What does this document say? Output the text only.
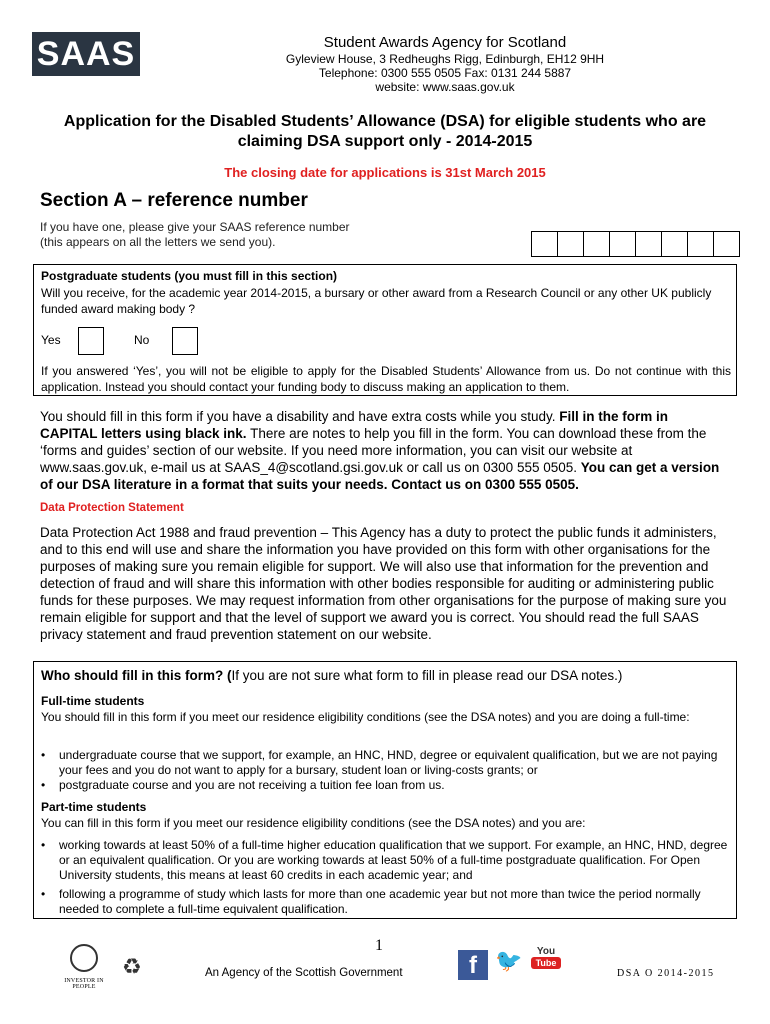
SAAS	Student Awards Agency for Scotland
Gyleview House, 3 Redheughs Rigg, Edinburgh, EH12 9HH
Telephone: 0300 555 0505 Fax: 0131 244 5887
website: www.saas.gov.uk
Application for the Disabled Students’ Allowance (DSA) for eligible students who are
claiming DSA support only - 2014-2015
The closing date for applications is 31st March 2015
Section A – reference number
If you have one, please give your SAAS reference number
(this appears on all the letters we send you).
Postgraduate students (you must fill in this section)
Will you receive, for the academic year 2014-2015, a bursary or other award from a Research Council or any other UK publicly funded award making body ?
Yes	No
If you answered ‘Yes’, you will not be eligible to apply for the Disabled Students’ Allowance from us. Do not continue with this application. Instead you should contact your funding body to discuss making an application to them.
You should fill in this form if you have a disability and have extra costs while you study. Fill in the form in CAPITAL letters using black ink. There are notes to help you fill in the form. You can download these from the ‘forms and guides’ section of our website. If you need more information, you can visit our website at www.saas.gov.uk, e-mail us at SAAS_4@scotland.gsi.gov.uk or call us on 0300 555 0505. You can get a version of our DSA literature in a format that suits your needs. Contact us on 0300 555 0505.
Data Protection Statement
Data Protection Act 1988 and fraud prevention – This Agency has a duty to protect the public funds it administers, and to this end will use and share the information you have provided on this form with other organisations for the purposes of making sure you remain eligible for support. We will also use that information for the prevention and detection of fraud and will share this information with other bodies responsible for auditing or administering public funds for these purposes. We may request information from other organisations for the purpose of making sure you remain eligible for support and that the level of support we award you is correct. You should read the full SAAS privacy statement and fraud prevention statement on our website.
Who should fill in this form? (If you are not sure what form to fill in please read our DSA notes.)
Full-time students
You should fill in this form if you meet our residence eligibility conditions (see the DSA notes) and you are doing a full-time:
•	undergraduate course that we support, for example, an HNC, HND, degree or equivalent qualification, but we are not paying your fees and you do not want to apply for a bursary, student loan or living-costs grants; or
•	postgraduate course and you are not receiving a tuition fee loan from us.
Part-time students
You can fill in this form if you meet our residence eligibility conditions (see the DSA notes) and you are:
•	working towards at least 50% of a full-time higher education qualification that we support. For example, an HNC, HND, degree or an equivalent qualification. Or you are working towards at least 50% of a full-time postgraduate qualification. For Open University students, this means at least 60 credits in each academic year; and
•	following a programme of study which lasts for more than one academic year but not more than twice the period normally needed to complete a full-time equivalent qualification.
1
INVESTOR IN PEOPLE
♻	An Agency of the Scottish Government	f 🐦	You
Tube
DSA O 2014-2015
